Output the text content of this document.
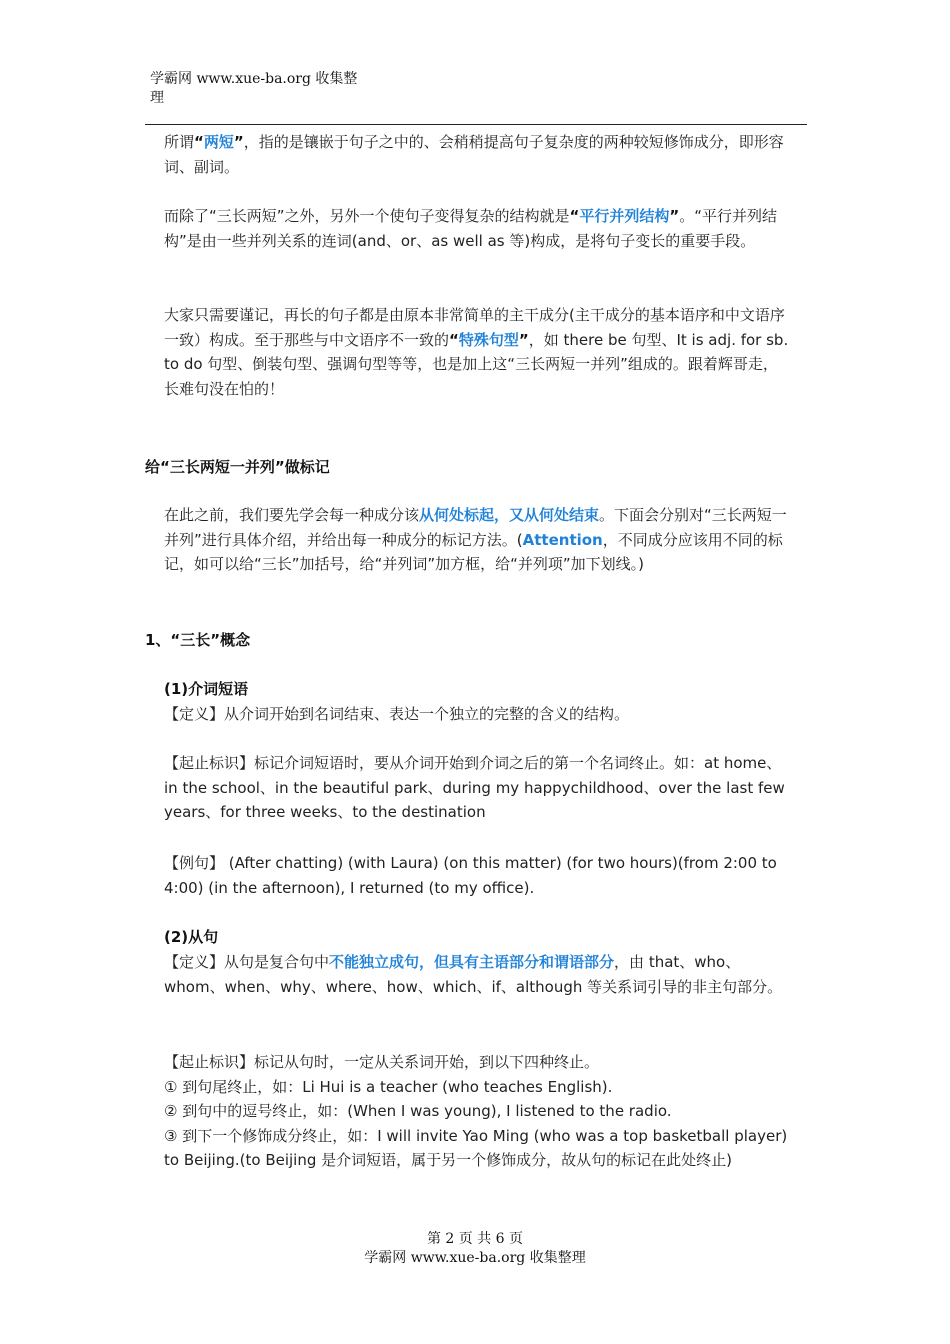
学霸网 www.xue-ba.org 收集整
理
所谓“两短”，指的是镶嵌于句子之中的、会稍稍提高句子复杂度的两种较短修饰成分，即形容词、副词。
而除了“三长两短”之外，另外一个使句子变得复杂的结构就是“平行并列结构”。“平行并列结构”是由一些并列关系的连词(and、or、as well as 等)构成，是将句子变长的重要手段。
大家只需要谨记，再长的句子都是由原本非常简单的主干成分(主干成分的基本语序和中文语序一致）构成。至于那些与中文语序不一致的“特殊句型”，如 there be 句型、It is adj. for sb. to do 句型、倒装句型、强调句型等等，也是加上这“三长两短一并列”组成的。跟着辉哥走，长难句没在怕的！
给“三长两短一并列”做标记
在此之前，我们要先学会每一种成分该从何处标起，又从何处结束。下面会分别对“三长两短一并列”进行具体介绍，并给出每一种成分的标记方法。(Attention，不同成分应该用不同的标记，如可以给“三长”加括号，给“并列词”加方框，给“并列项”加下划线。)
1、“三长”概念
(1)介词短语
【定义】从介词开始到名词结束、表达一个独立的完整的含义的结构。
【起止标识】标记介词短语时，要从介词开始到介词之后的第一个名词终止。如：at home、in the school、in the beautiful park、during my happychildhood、over the last few years、for three weeks、to the destination
【例句】 (After chatting) (with Laura) (on this matter) (for two hours)(from 2:00 to 4:00) (in the afternoon), I returned (to my office).
(2)从句
【定义】从句是复合句中不能独立成句，但具有主语部分和谓语部分，由 that、who、whom、when、why、where、how、which、if、although 等关系词引导的非主句部分。
【起止标识】标记从句时，一定从关系词开始，到以下四种终止。
① 到句尾终止，如：Li Hui is a teacher (who teaches English).
② 到句中的逗号终止，如：(When I was young), I listened to the radio.
③ 到下一个修饰成分终止，如：I will invite Yao Ming (who was a top basketball player) to Beijing.(to Beijing 是介词短语，属于另一个修饰成分，故从句的标记在此处终止)
第 2 页 共 6 页
学霸网 www.xue-ba.org 收集整理
